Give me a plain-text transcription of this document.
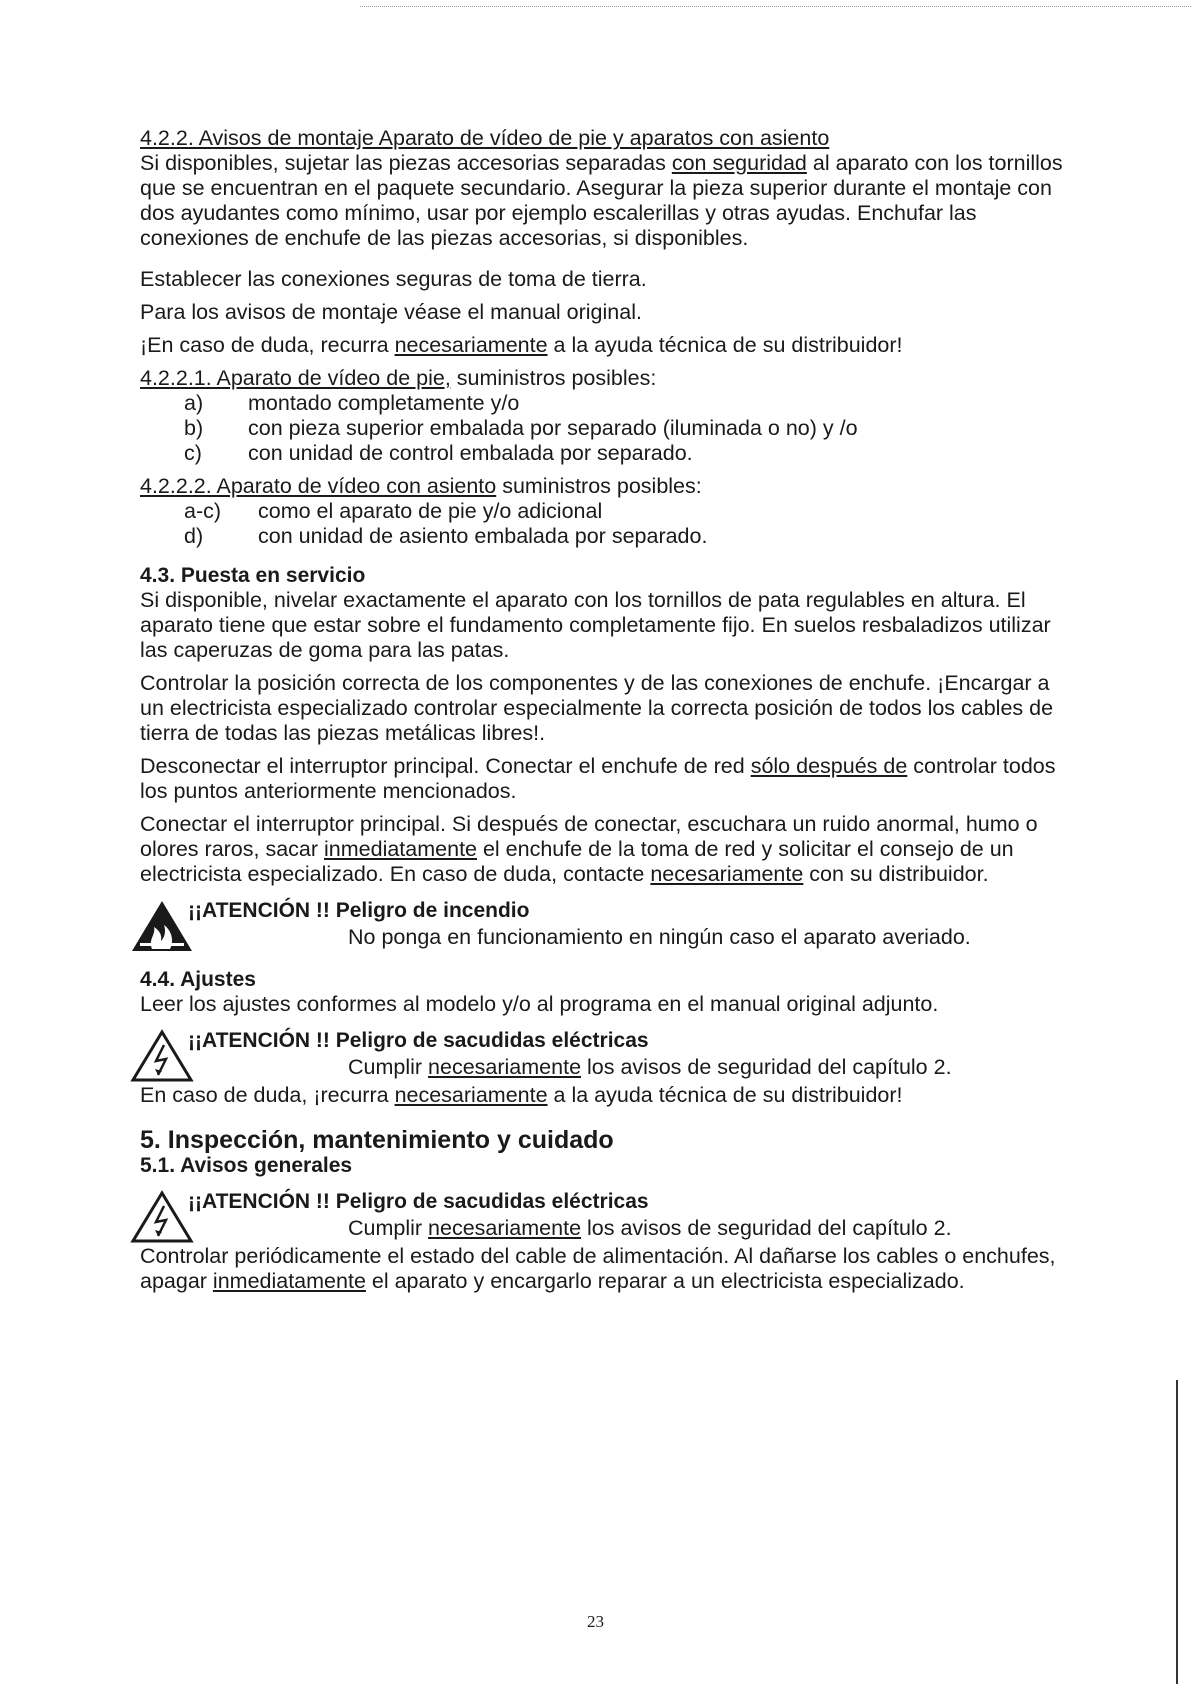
4.2.2. Avisos de montaje Aparato de vídeo de pie y aparatos con asiento

Si disponibles, sujetar las piezas accesorias separadas con seguridad al aparato con los tornillos que se encuentran en el paquete secundario. Asegurar la pieza superior durante el montaje con dos ayudantes como mínimo, usar por ejemplo escalerillas y otras ayudas. Enchufar las conexiones de enchufe de las piezas accesorias, si disponibles.

Establecer las conexiones seguras de toma de tierra.

Para los avisos de montaje véase el manual original.

¡En caso de duda, recurra necesariamente a la ayuda técnica de su distribuidor!

4.2.2.1. Aparato de vídeo de pie, suministros posibles:

a)	montado completamente y/o
b)	con pieza superior embalada por separado (iluminada o no) y /o
c)	con unidad de control embalada por separado.

4.2.2.2. Aparato de vídeo con asiento suministros posibles:

a-c)	como el aparato de pie y/o adicional
d)	con unidad de asiento embalada por separado.
4.3. Puesta en servicio

Si disponible, nivelar exactamente el aparato con los tornillos de pata regulables en altura. El aparato tiene que estar sobre el fundamento completamente fijo. En suelos resbaladizos utilizar las caperuzas de goma para las patas.

Controlar la posición correcta de los componentes y de las conexiones de enchufe. ¡Encargar a un electricista especializado controlar especialmente la correcta posición de todos los cables de tierra de todas las piezas metálicas libres!.

Desconectar el interruptor principal. Conectar el enchufe de red sólo después de controlar todos los puntos anteriormente mencionados.

Conectar el interruptor principal. Si después de conectar, escuchara un ruido anormal, humo o olores raros, sacar inmediatamente el enchufe de la toma de red y solicitar el consejo de un electricista especializado. En caso de duda, contacte necesariamente con su distribuidor.

¡¡ATENCIÓN !! Peligro de incendio
No ponga en funcionamiento en ningún caso el aparato averiado.
4.4. Ajustes

Leer los ajustes conformes al modelo y/o al programa en el manual original adjunto.

¡¡ATENCIÓN !! Peligro de sacudidas eléctricas
Cumplir necesariamente los avisos de seguridad del capítulo 2.

En caso de duda, ¡recurra necesariamente a la ayuda técnica de su distribuidor!

5. Inspección, mantenimiento y cuidado
5.1. Avisos generales
¡¡ATENCIÓN !! Peligro de sacudidas eléctricas
Cumplir necesariamente los avisos de seguridad del capítulo 2.

Controlar periódicamente el estado del cable de alimentación. Al dañarse los cables o enchufes, apagar inmediatamente el aparato y encargarlo reparar a un electricista especializado.

23
